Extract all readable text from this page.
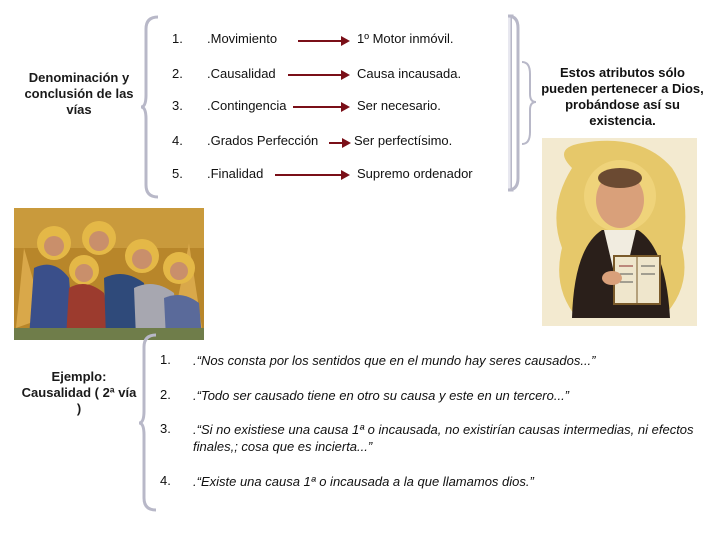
Denominación y conclusión de las vías
1. .Movimiento	1º Motor inmóvil.
2. .Causalidad	Causa incausada.
3. .Contingencia	Ser necesario.
4. .Grados Perfección	Ser perfectísimo.
5. .Finalidad	Supremo ordenador
Estos atributos sólo pueden pertenecer a Dios, probándose así su existencia.
Ejemplo: Causalidad ( 2ª vía )
1. .“Nos consta por los sentidos que en el mundo hay seres causados...”
2. .“Todo ser causado tiene en otro su causa y este en un tercero...”
3. .“Si no existiese una causa 1ª o incausada, no existirían causas intermedias, ni efectos finales,; cosa que es incierta...”
4. .“Existe una causa 1ª o incausada a la que llamamos dios.”
